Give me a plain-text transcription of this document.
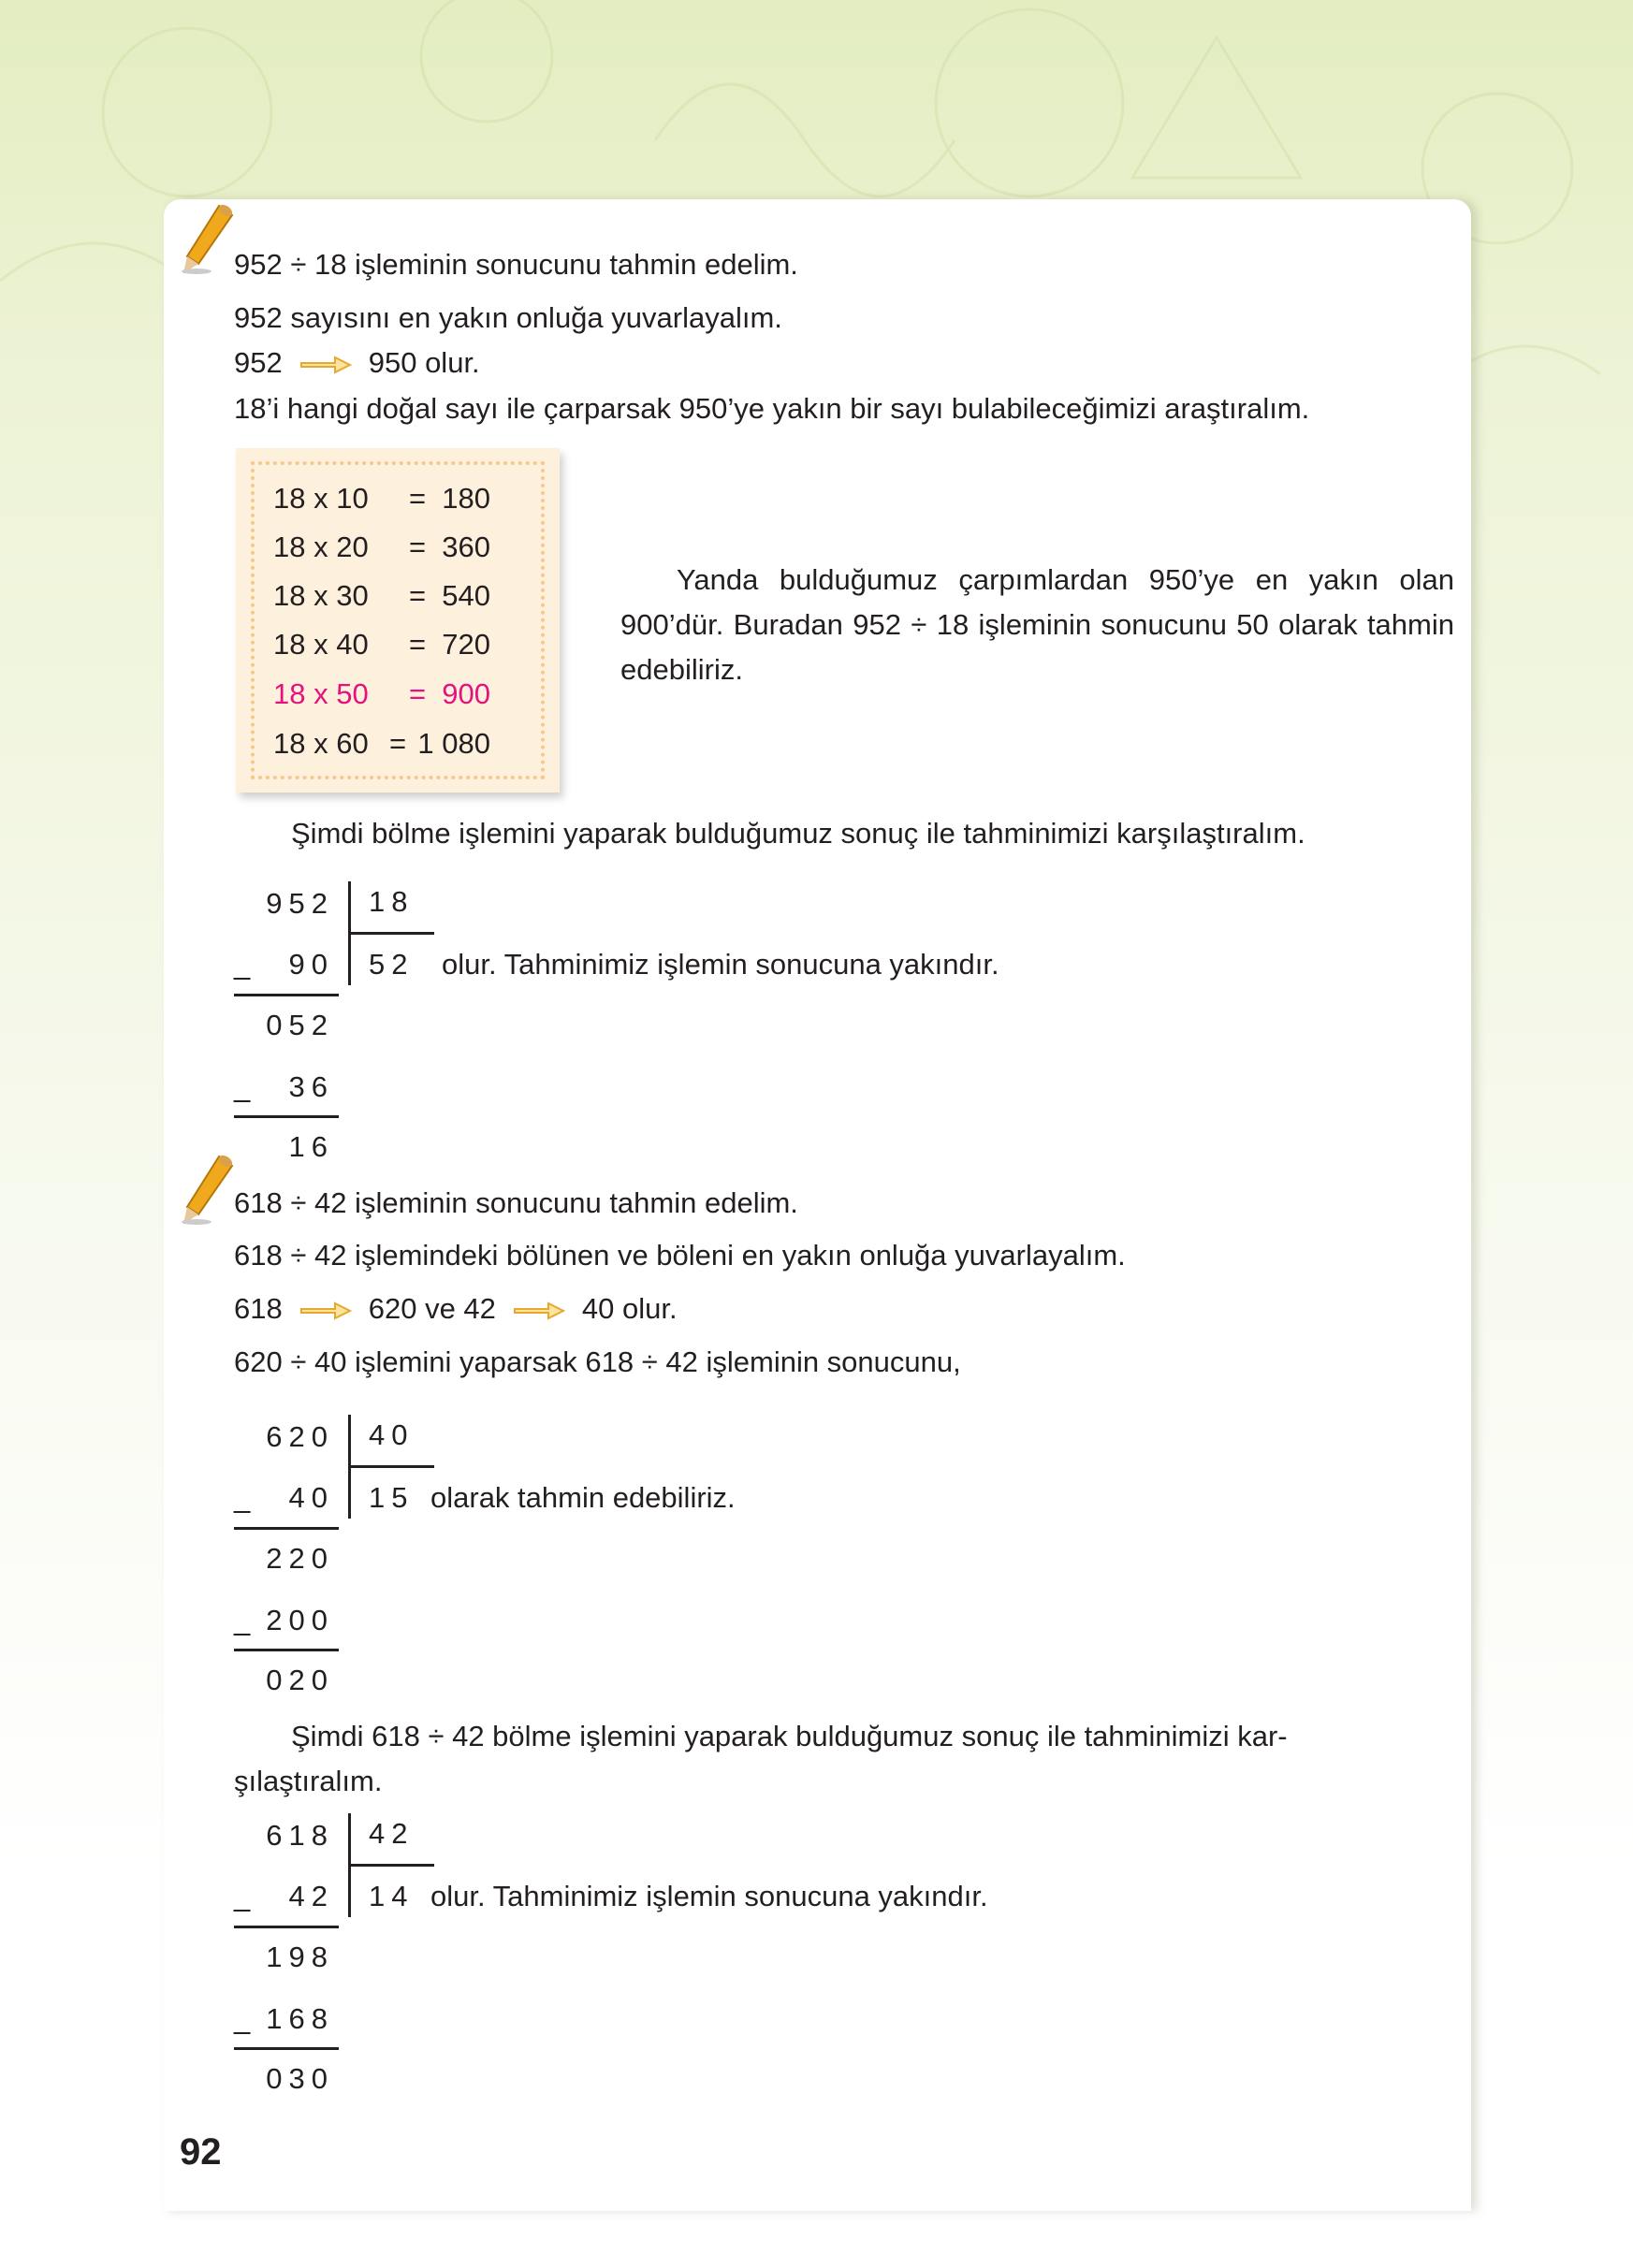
952 ÷ 18 işleminin sonucunu tahmin edelim.
952 sayısını en yakın onluğa yuvarlayalım.
952	950 olur.
18’i hangi doğal sayı ile çarparsak 950’ye yakın bir sayı bulabileceğimizi araştıralım.
18 x 10 = 180
18 x 20 = 360
18 x 30 = 540
18 x 40 = 720
18 x 50 = 900
18 x 60 = 1 080
Yanda bulduğumuz çarpımlardan 950’ye en yakın olan 900’dür. Buradan 952 ÷ 18 işleminin sonucunu 50 olarak tahmin edebiliriz.
Şimdi bölme işlemini yaparak bulduğumuz sonuç ile tahminimizi karşılaştıralım.
952 18
_ 90 52 olur. Tahminimiz işlemin sonucuna yakındır.
052
_ 36
16
618 ÷ 42 işleminin sonucunu tahmin edelim.
618 ÷ 42 işlemindeki bölünen ve böleni en yakın onluğa yuvarlayalım.
618	620 ve 42	40 olur.
620 ÷ 40 işlemini yaparsak 618 ÷ 42 işleminin sonucunu,
620 40
_ 40 15 olarak tahmin edebiliriz.
220
_ 200
020
Şimdi 618 ÷ 42 bölme işlemini yaparak bulduğumuz sonuç ile tahminimizi kar-
şılaştıralım.
618 42
_ 42 14 olur. Tahminimiz işlemin sonucuna yakındır.
198
_ 168
030
92
